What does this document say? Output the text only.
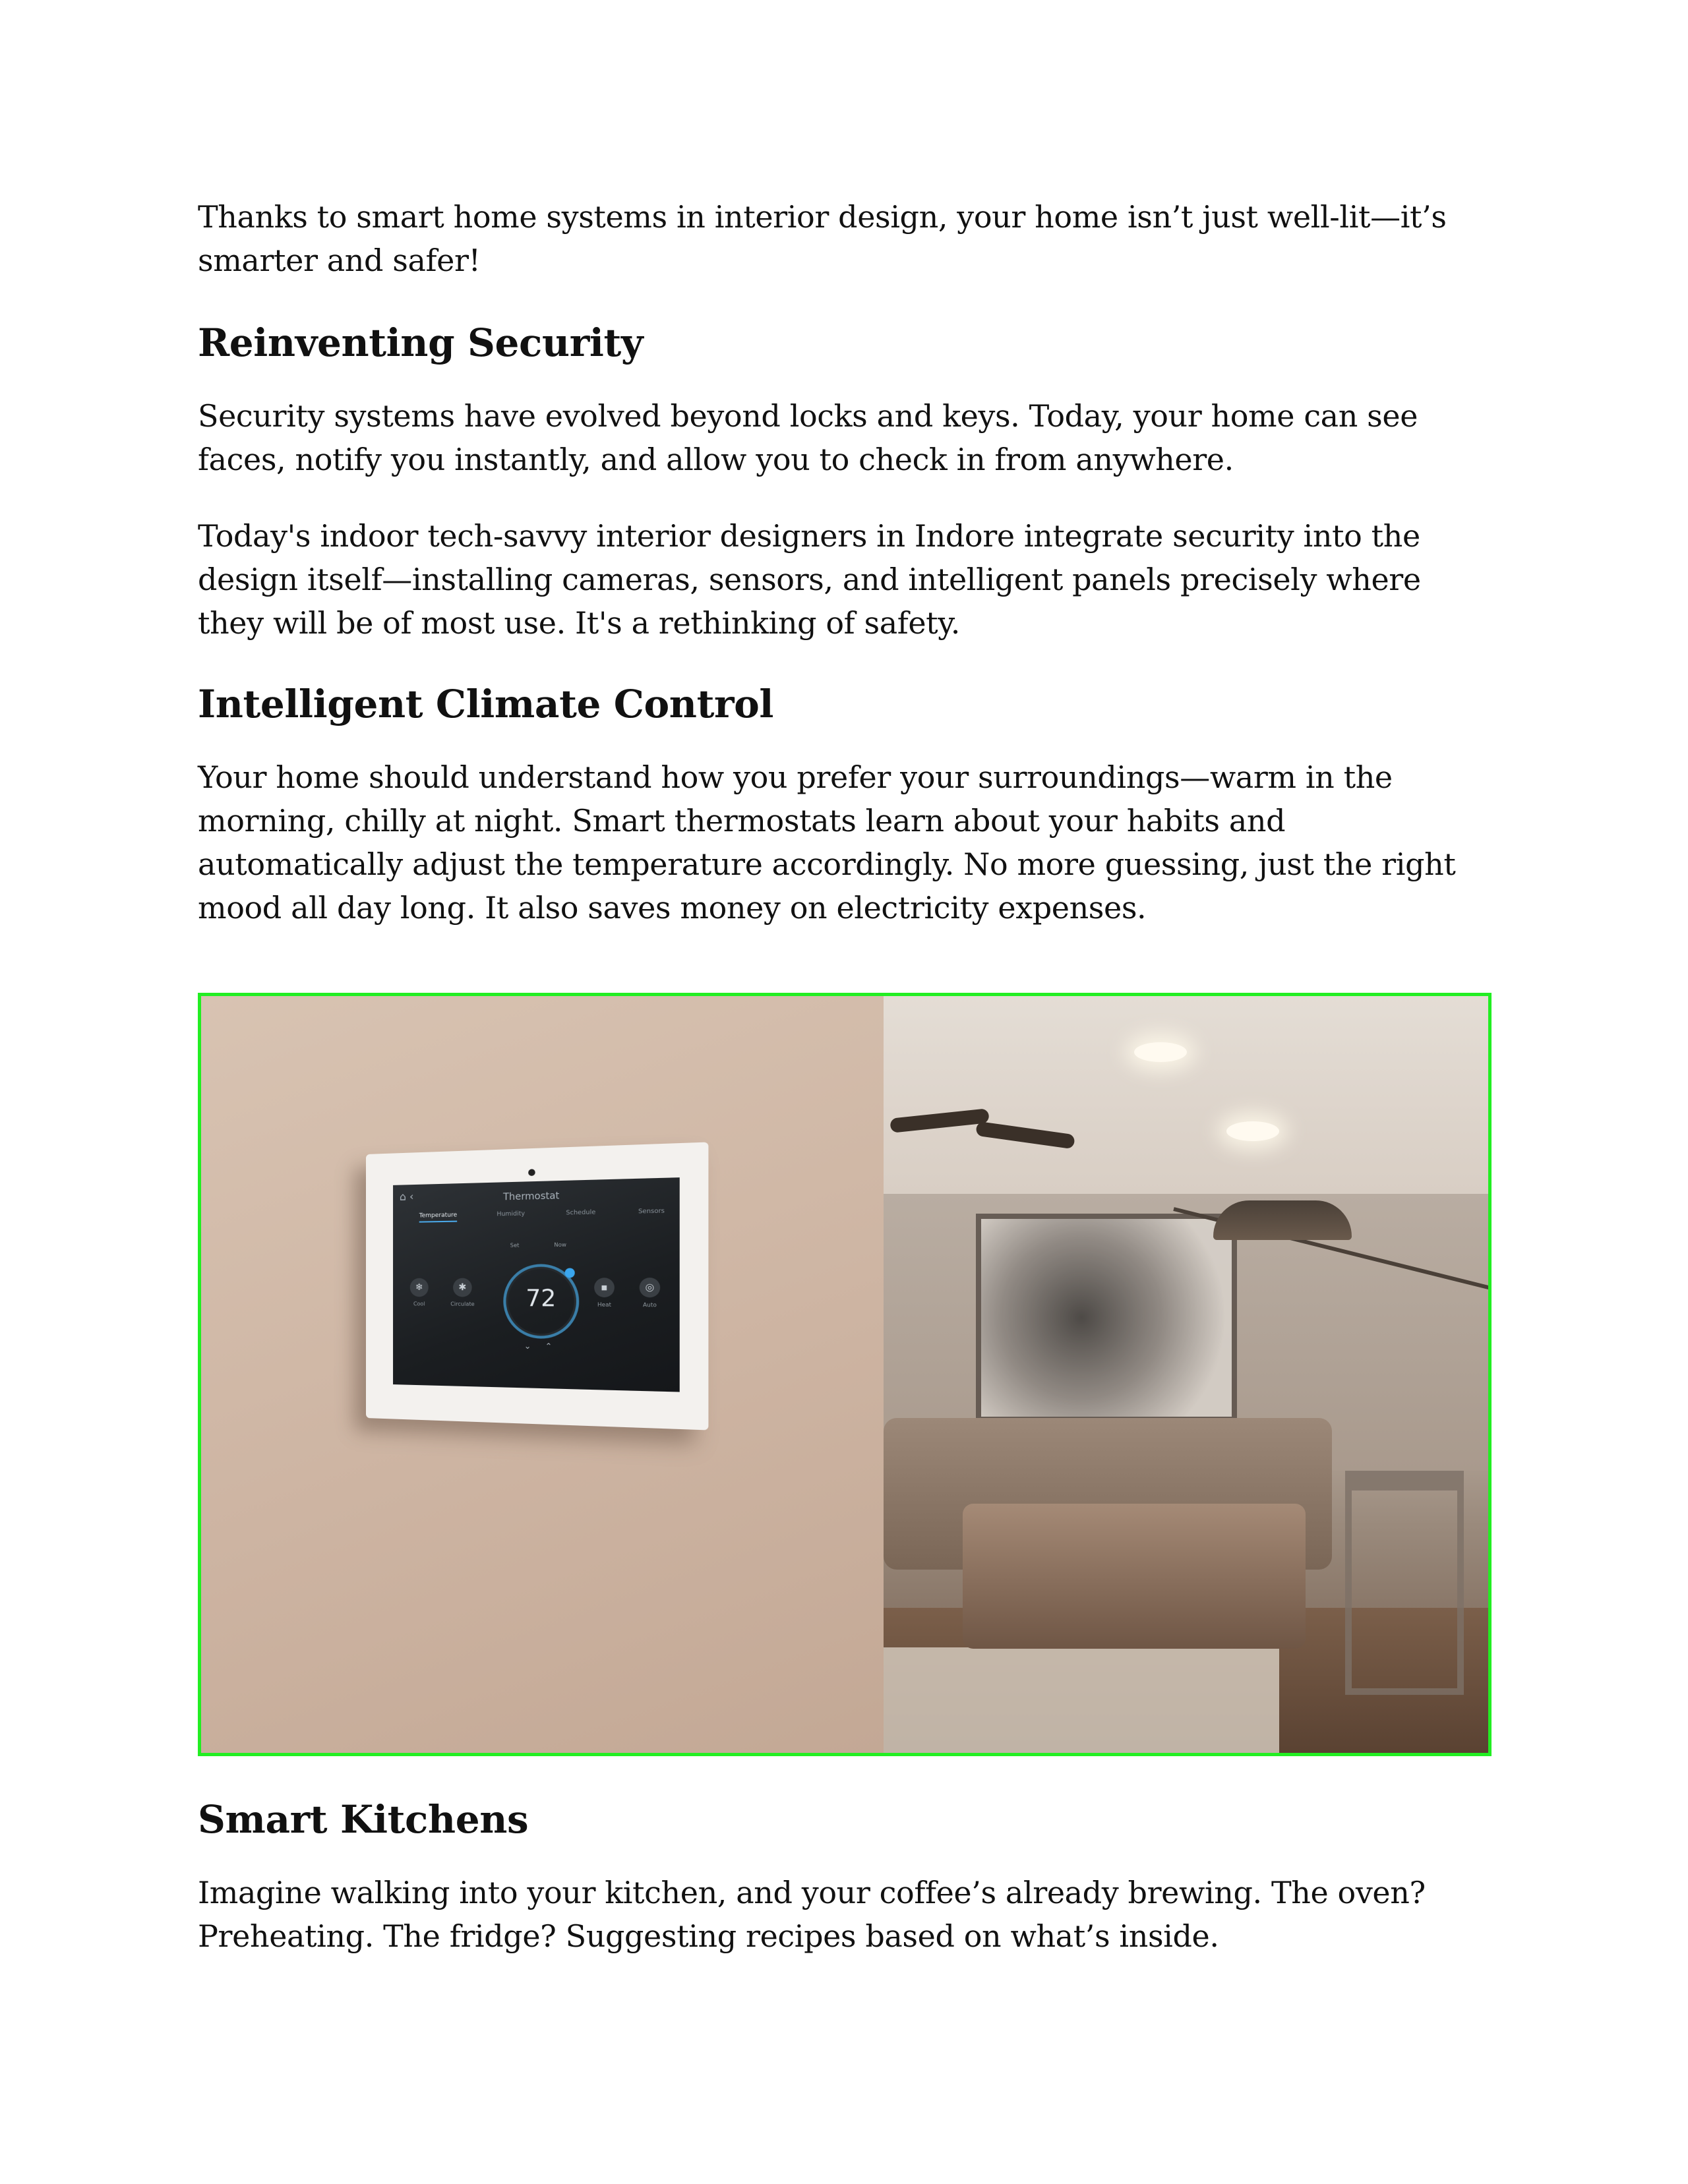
Thanks to smart home systems in interior design, your home isn’t just well-lit—it’s smarter and safer!

Reinventing Security

Security systems have evolved beyond locks and keys. Today, your home can see faces, notify you instantly, and allow you to check in from anywhere.

Today's indoor tech-savvy interior designers in Indore integrate security into the design itself—installing cameras, sensors, and intelligent panels precisely where they will be of most use. It's a rethinking of safety.

Intelligent Climate Control

Your home should understand how you prefer your surroundings—warm in the morning, chilly at night. Smart thermostats learn about your habits and automatically adjust the temperature accordingly. No more guessing, just the right mood all day long. It also saves money on electricity expenses.

⌂ ‹	Thermostat
Temperature	Humidity	Schedule	Sensors
Set	Now
❄
Cool
✱
Circulate	72
⌄ ⌃
▪
Heat
◎
Auto
Smart Kitchens

Imagine walking into your kitchen, and your coffee’s already brewing. The oven? Preheating. The fridge? Suggesting recipes based on what’s inside.
